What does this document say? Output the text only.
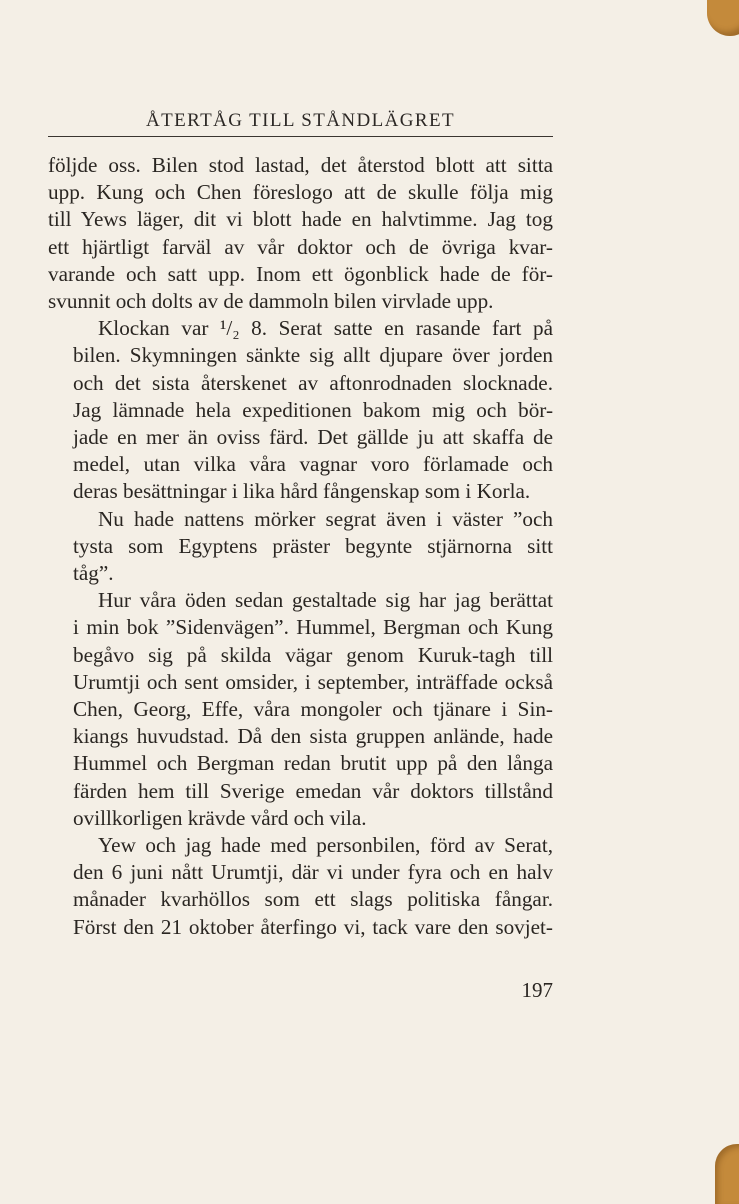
ÅTERTÅG TILL STÅNDLÄGRET

följde oss. Bilen stod lastad, det återstod blott att sitta
upp. Kung och Chen föreslogo att de skulle följa mig
till Yews läger, dit vi blott hade en halvtimme. Jag tog
ett hjärtligt farväl av vår doktor och de övriga kvar-
varande och satt upp. Inom ett ögonblick hade de för-
svunnit och dolts av de dammoln bilen virvlade upp.

Klockan var ¹/₂ 8. Serat satte en rasande fart på
bilen. Skymningen sänkte sig allt djupare över jorden
och det sista återskenet av aftonrodnaden slocknade.
Jag lämnade hela expeditionen bakom mig och bör-
jade en mer än oviss färd. Det gällde ju att skaffa de
medel, utan vilka våra vagnar voro förlamade och
deras besättningar i lika hård fångenskap som i Korla.

Nu hade nattens mörker segrat även i väster ”och
tysta som Egyptens präster begynte stjärnorna sitt
tåg”.

Hur våra öden sedan gestaltade sig har jag berättat
i min bok ”Sidenvägen”. Hummel, Bergman och Kung
begåvo sig på skilda vägar genom Kuruk-tagh till
Urumtji och sent omsider, i september, inträffade också
Chen, Georg, Effe, våra mongoler och tjänare i Sin-
kiangs huvudstad. Då den sista gruppen anlände, hade
Hummel och Bergman redan brutit upp på den långa
färden hem till Sverige emedan vår doktors tillstånd
ovillkorligen krävde vård och vila.

Yew och jag hade med personbilen, förd av Serat,
den 6 juni nått Urumtji, där vi under fyra och en halv
månader kvarhöllos som ett slags politiska fångar.
Först den 21 oktober återfingo vi, tack vare den sovjet-

197
